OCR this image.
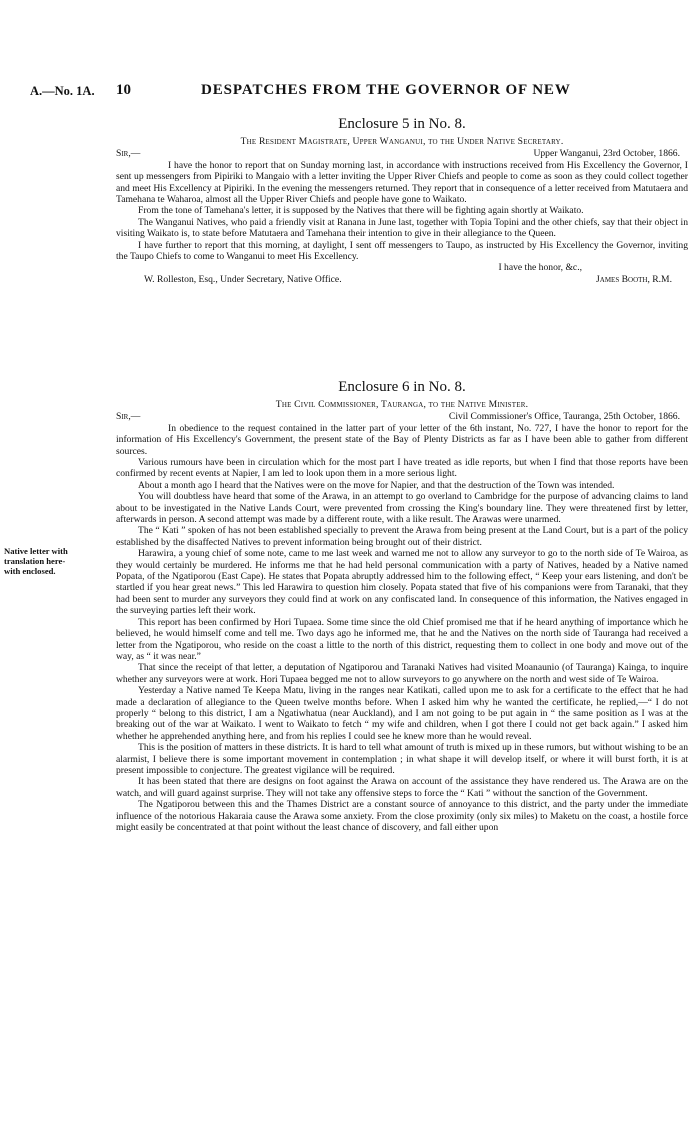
A.—No. 1A. 10	DESPATCHES FROM THE GOVERNOR OF NEW
Enclosure 5 in No. 8.
The Resident Magistrate, Upper Wanganui, to the Under Native Secretary.
Sir,—	Upper Wanganui, 23rd October, 1866.

I have the honor to report that on Sunday morning last, in accordance with instructions received from His Excellency the Governor, I sent up messengers from Pipiriki to Mangaio with a letter inviting the Upper River Chiefs and people to come as soon as they could collect together and meet His Excellency at Pipiriki. In the evening the messengers returned. They report that in consequence of a letter received from Matutaera and Tamehana te Waharoa, almost all the Upper River Chiefs and people have gone to Waikato.

From the tone of Tamehana's letter, it is supposed by the Natives that there will be fighting again shortly at Waikato.

The Wanganui Natives, who paid a friendly visit at Ranana in June last, together with Topia Topini and the other chiefs, say that their object in visiting Waikato is, to state before Matutaera and Tamehana their intention to give in their allegiance to the Queen.

I have further to report that this morning, at daylight, I sent off messengers to Taupo, as instructed by His Excellency the Governor, inviting the Taupo Chiefs to come to Wanganui to meet His Excellency.

I have the honor, &c.,
W. Rolleston, Esq., Under Secretary, Native Office.	James Booth, R.M.
Enclosure 6 in No. 8.
The Civil Commissioner, Tauranga, to the Native Minister.
Sir,—	Civil Commissioner's Office, Tauranga, 25th October, 1866.

In obedience to the request contained in the latter part of your letter of the 6th instant, No. 727, I have the honor to report for the information of His Excellency's Government, the present state of the Bay of Plenty Districts as far as I have been able to gather from different sources.

Various rumours have been in circulation which for the most part I have treated as idle reports, but when I find that those reports have been confirmed by recent events at Napier, I am led to look upon them in a more serious light.

About a month ago I heard that the Natives were on the move for Napier, and that the destruction of the Town was intended.

You will doubtless have heard that some of the Arawa, in an attempt to go overland to Cambridge for the purpose of advancing claims to land about to be investigated in the Native Lands Court, were prevented from crossing the King's boundary line. They were threatened first by letter, afterwards in person. A second attempt was made by a different route, with a like result. The Arawas were unarmed.

The “ Kati ” spoken of has not been established specially to prevent the Arawa from being present at the Land Court, but is a part of the policy established by the disaffected Natives to prevent information being brought out of their district.

Harawira, a young chief of some note, came to me last week and warned me not to allow any surveyor to go to the north side of Te Wairoa, as they would certainly be murdered. He informs me that he had held personal communication with a party of Natives, headed by a Native named Popata, of the Ngatiporou (East Cape). He states that Popata abruptly addressed him to the following effect, “ Keep your ears listening, and don't be startled if you hear great news.” This led Harawira to question him closely. Popata stated that five of his companions were from Taranaki, that they had been sent to murder any surveyors they could find at work on any confiscated land. In consequence of this information, the Natives engaged in the surveying parties left their work.

This report has been confirmed by Hori Tupaea. Some time since the old Chief promised me that if he heard anything of importance which he believed, he would himself come and tell me. Two days ago he informed me, that he and the Natives on the north side of Tauranga had received a letter from the Ngatiporou, who reside on the coast a little to the north of this district, requesting them to collect in one body and move out of the way, as “ it was near.”

That since the receipt of that letter, a deputation of Ngatiporou and Taranaki Natives had visited Moanaunio (of Tauranga) Kainga, to inquire whether any surveyors were at work. Hori Tupaea begged me not to allow surveyors to go anywhere on the north and west side of Te Wairoa.

Yesterday a Native named Te Keepa Matu, living in the ranges near Katikati, called upon me to ask for a certificate to the effect that he had made a declaration of allegiance to the Queen twelve months before. When I asked him why he wanted the certificate, he replied,—“ I do not properly “ belong to this district, I am a Ngatiwhatua (near Auckland), and I am not going to be put again in “ the same position as I was at the breaking out of the war at Waikato. I went to Waikato to fetch “ my wife and children, when I got there I could not get back again.” I asked him whether he apprehended anything here, and from his replies I could see he knew more than he would reveal.

This is the position of matters in these districts. It is hard to tell what amount of truth is mixed up in these rumors, but without wishing to be an alarmist, I believe there is some important movement in contemplation ; in what shape it will develop itself, or where it will burst forth, it is at present impossible to conjecture. The greatest vigilance will be required.

It has been stated that there are designs on foot against the Arawa on account of the assistance they have rendered us. The Arawa are on the watch, and will guard against surprise. They will not take any offensive steps to force the “ Kati ” without the sanction of the Government.

The Ngatiporou between this and the Thames District are a constant source of annoyance to this district, and the party under the immediate influence of the notorious Hakaraia cause the Arawa some anxiety. From the close proximity (only six miles) to Maketu on the coast, a hostile force might easily be concentrated at that point without the least chance of discovery, and fall either upon

Native letter with
translation here-
with enclosed.
